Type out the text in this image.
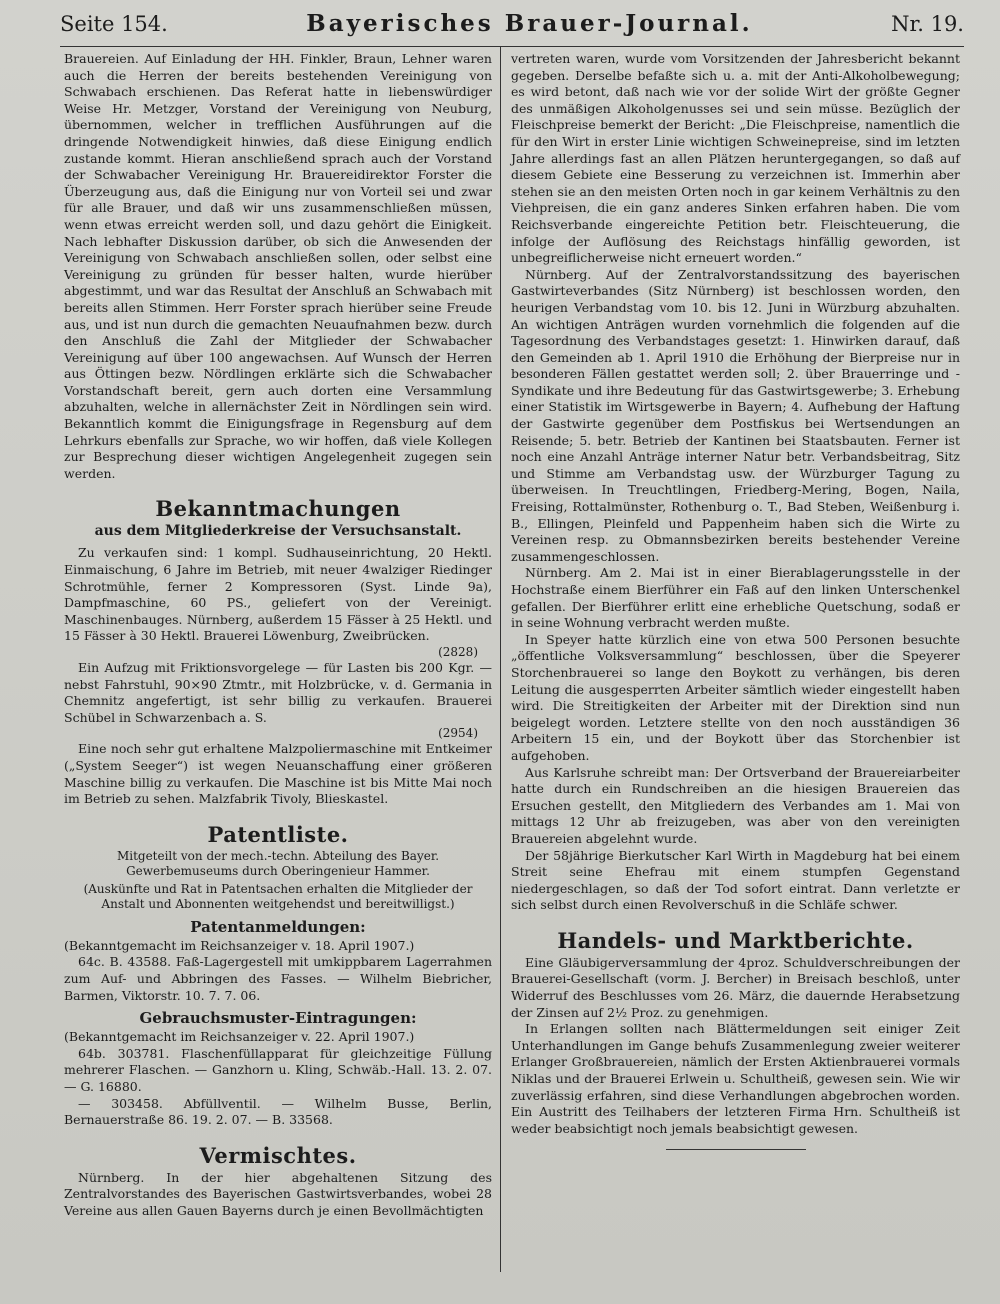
Seite 154.	Bayerisches Brauer-Journal.	Nr. 19.

Brauereien. Auf Einladung der HH. Finkler, Braun, Lehner waren auch die Herren der bereits bestehenden Vereinigung von Schwabach erschienen. Das Referat hatte in liebenswürdiger Weise Hr. Metzger, Vorstand der Vereinigung von Neuburg, übernommen, welcher in trefflichen Ausführungen auf die dringende Notwendigkeit hinwies, daß diese Einigung endlich zustande kommt. Hieran anschließend sprach auch der Vorstand der Schwabacher Vereinigung Hr. Brauereidirektor Forster die Überzeugung aus, daß die Einigung nur von Vorteil sei und zwar für alle Brauer, und daß wir uns zusammenschließen müssen, wenn etwas erreicht werden soll, und dazu gehört die Einigkeit. Nach lebhafter Diskussion darüber, ob sich die Anwesenden der Vereinigung von Schwabach anschließen sollen, oder selbst eine Vereinigung zu gründen für besser halten, wurde hierüber abgestimmt, und war das Resultat der Anschluß an Schwabach mit bereits allen Stimmen. Herr Forster sprach hierüber seine Freude aus, und ist nun durch die gemachten Neuaufnahmen bezw. durch den Anschluß die Zahl der Mitglieder der Schwabacher Vereinigung auf über 100 angewachsen. Auf Wunsch der Herren aus Öttingen bezw. Nördlingen erklärte sich die Schwabacher Vorstandschaft bereit, gern auch dorten eine Versammlung abzuhalten, welche in allernächster Zeit in Nördlingen sein wird. Bekanntlich kommt die Einigungsfrage in Regensburg auf dem Lehrkurs ebenfalls zur Sprache, wo wir hoffen, daß viele Kollegen zur Besprechung dieser wichtigen Angelegenheit zugegen sein werden.

Bekanntmachungen
aus dem Mitgliederkreise der Versuchsanstalt.

Zu verkaufen sind: 1 kompl. Sudhauseinrichtung, 20 Hektl. Einmaischung, 6 Jahre im Betrieb, mit neuer 4walziger Riedinger Schrotmühle, ferner 2 Kompressoren (Syst. Linde 9a), Dampfmaschine, 60 PS., geliefert von der Vereinigt. Maschinenbauges. Nürnberg, außerdem 15 Fässer à 25 Hektl. und 15 Fässer à 30 Hektl. Brauerei Löwenburg, Zweibrücken.

(2828)

Ein Aufzug mit Friktionsvorgelege — für Lasten bis 200 Kgr. — nebst Fahrstuhl, 90×90 Ztmtr., mit Holzbrücke, v. d. Germania in Chemnitz angefertigt, ist sehr billig zu verkaufen. Brauerei Schübel in Schwarzenbach a. S.

(2954)

Eine noch sehr gut erhaltene Malzpoliermaschine mit Entkeimer („System Seeger“) ist wegen Neuanschaffung einer größeren Maschine billig zu verkaufen. Die Maschine ist bis Mitte Mai noch im Betrieb zu sehen. Malzfabrik Tivoly, Blieskastel.

Patentliste.
Mitgeteilt von der mech.-techn. Abteilung des Bayer. Gewerbemuseums durch Oberingenieur Hammer.
(Auskünfte und Rat in Patentsachen erhalten die Mitglieder der Anstalt und Abonnenten weitgehendst und bereitwilligst.)
Patentanmeldungen:
(Bekanntgemacht im Reichsanzeiger v. 18. April 1907.)

64c. B. 43588. Faß-Lagergestell mit umkippbarem Lagerrahmen zum Auf- und Abbringen des Fasses. — Wilhelm Biebricher, Barmen, Viktorstr. 10. 7. 7. 06.

Gebrauchsmuster-Eintragungen:
(Bekanntgemacht im Reichsanzeiger v. 22. April 1907.)

64b. 303781. Flaschenfüllapparat für gleichzeitige Füllung mehrerer Flaschen. — Ganzhorn u. Kling, Schwäb.-Hall. 13. 2. 07. — G. 16880.

— 303458. Abfüllventil. — Wilhelm Busse, Berlin, Bernauerstraße 86. 19. 2. 07. — B. 33568.

Vermischtes.

Nürnberg. In der hier abgehaltenen Sitzung des Zentralvorstandes des Bayerischen Gastwirtsverbandes, wobei 28 Vereine aus allen Gauen Bayerns durch je einen Bevollmächtigten

vertreten waren, wurde vom Vorsitzenden der Jahresbericht bekannt gegeben. Derselbe befaßte sich u. a. mit der Anti-Alkoholbewegung; es wird betont, daß nach wie vor der solide Wirt der größte Gegner des unmäßigen Alkoholgenusses sei und sein müsse. Bezüglich der Fleischpreise bemerkt der Bericht: „Die Fleischpreise, namentlich die für den Wirt in erster Linie wichtigen Schweinepreise, sind im letzten Jahre allerdings fast an allen Plätzen heruntergegangen, so daß auf diesem Gebiete eine Besserung zu verzeichnen ist. Immerhin aber stehen sie an den meisten Orten noch in gar keinem Verhältnis zu den Viehpreisen, die ein ganz anderes Sinken erfahren haben. Die vom Reichsverbande eingereichte Petition betr. Fleischteuerung, die infolge der Auflösung des Reichstags hinfällig geworden, ist unbegreiflicherweise nicht erneuert worden.“

Nürnberg. Auf der Zentralvorstandssitzung des bayerischen Gastwirteverbandes (Sitz Nürnberg) ist beschlossen worden, den heurigen Verbandstag vom 10. bis 12. Juni in Würzburg abzuhalten. An wichtigen Anträgen wurden vornehmlich die folgenden auf die Tagesordnung des Verbandstages gesetzt: 1. Hinwirken darauf, daß den Gemeinden ab 1. April 1910 die Erhöhung der Bierpreise nur in besonderen Fällen gestattet werden soll; 2. über Brauerringe und -Syndikate und ihre Bedeutung für das Gastwirtsgewerbe; 3. Erhebung einer Statistik im Wirtsgewerbe in Bayern; 4. Aufhebung der Haftung der Gastwirte gegenüber dem Postfiskus bei Wertsendungen an Reisende; 5. betr. Betrieb der Kantinen bei Staatsbauten. Ferner ist noch eine Anzahl Anträge interner Natur betr. Verbandsbeitrag, Sitz und Stimme am Verbandstag usw. der Würzburger Tagung zu überweisen. In Treuchtlingen, Friedberg-Mering, Bogen, Naila, Freising, Rottalmünster, Rothenburg o. T., Bad Steben, Weißenburg i. B., Ellingen, Pleinfeld und Pappenheim haben sich die Wirte zu Vereinen resp. zu Obmannsbezirken bereits bestehender Vereine zusammengeschlossen.

Nürnberg. Am 2. Mai ist in einer Bierablagerungsstelle in der Hochstraße einem Bierführer ein Faß auf den linken Unterschenkel gefallen. Der Bierführer erlitt eine erhebliche Quetschung, sodaß er in seine Wohnung verbracht werden mußte.

In Speyer hatte kürzlich eine von etwa 500 Personen besuchte „öffentliche Volksversammlung“ beschlossen, über die Speyerer Storchenbrauerei so lange den Boykott zu verhängen, bis deren Leitung die ausgesperrten Arbeiter sämtlich wieder eingestellt haben wird. Die Streitigkeiten der Arbeiter mit der Direktion sind nun beigelegt worden. Letztere stellte von den noch ausständigen 36 Arbeitern 15 ein, und der Boykott über das Storchenbier ist aufgehoben.

Aus Karlsruhe schreibt man: Der Ortsverband der Brauereiarbeiter hatte durch ein Rundschreiben an die hiesigen Brauereien das Ersuchen gestellt, den Mitgliedern des Verbandes am 1. Mai von mittags 12 Uhr ab freizugeben, was aber von den vereinigten Brauereien abgelehnt wurde.

Der 58jährige Bierkutscher Karl Wirth in Magdeburg hat bei einem Streit seine Ehefrau mit einem stumpfen Gegenstand niedergeschlagen, so daß der Tod sofort eintrat. Dann verletzte er sich selbst durch einen Revolverschuß in die Schläfe schwer.

Handels- und Marktberichte.

Eine Gläubigerversammlung der 4proz. Schuldverschreibungen der Brauerei-Gesellschaft (vorm. J. Bercher) in Breisach beschloß, unter Widerruf des Beschlusses vom 26. März, die dauernde Herabsetzung der Zinsen auf 2½ Proz. zu genehmigen.

In Erlangen sollten nach Blättermeldungen seit einiger Zeit Unterhandlungen im Gange behufs Zusammenlegung zweier weiterer Erlanger Großbrauereien, nämlich der Ersten Aktienbrauerei vormals Niklas und der Brauerei Erlwein u. Schultheiß, gewesen sein. Wie wir zuverlässig erfahren, sind diese Verhandlungen abgebrochen worden. Ein Austritt des Teilhabers der letzteren Firma Hrn. Schultheiß ist weder beabsichtigt noch jemals beabsichtigt gewesen.
